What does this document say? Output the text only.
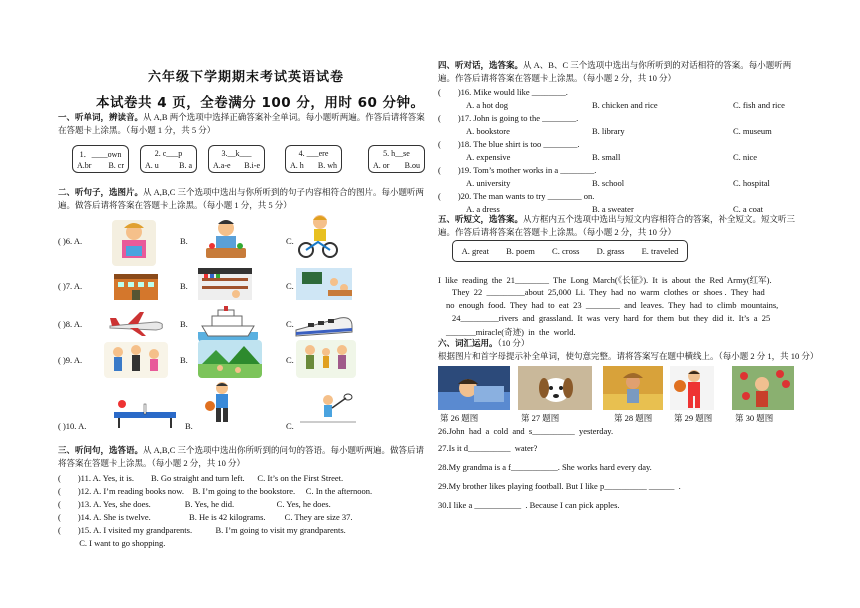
六年级下学期期末考试英语试卷
本试卷共 4 页，全卷满分 100 分，用时 60 分钟。
一、听单词，辨读音。从 A,B 两个选项中选择正确答案补全单词。每小题听两遍。作答后请将答案在答题卡上涂黑。（每小题 1 分，共 5 分）
1．____own
A.br B. cr
2. c___p
A. u	B. a
3.__k___
A.a-e B.i-e
4. ___ere
A. h B. wh
5. h__se
A. or B.ou
二、听句子，选图片。从 A,B,C 三个选项中选出与你所听到的句子内容相符合的图片。每小题听两遍。做答后请将答案在答题卡上涂黑。（每小题 1 分，共 5 分）
( )6. A.	B.	C.
( )7. A.	B.	C.
( )8. A.	B.	C.
( )9. A.	B.	C.
( )10. A.	B.	C.
三、听问句，选答语。从 A,B,C 三个选项中选出你所听到的问句的答语。每小题听两遍。做答后请将答案在答题卡上涂黑。（每小题 2 分，共 10 分）
(        )11. A. Yes, it is.        B. Go straight and turn left.      C. It’s on the First Street.
(        )12. A. I’m reading books now.    B. I’m going to the bookstore.     C. In the afternoon.
(        )13. A. Yes, she does.                B. Yes, he did.                    C. Yes, he does.
(        )14. A. She is twelve.                  B. He is 42 kilograms.         C. They are size 37.
(        )15. A. I visited my grandparents.           B. I’m going to visit my grandparents.
C. I want to go shopping.
四、听对话，选答案。从 A、B、C 三个选项中选出与你所听到的对话相符的答案。每小题听两遍。作答后请将答案在答题卡上涂黑。（每小题 2 分，共 10 分）
(        )16. Mike would like ________.
A. a hot dog	B. chicken and rice	C. fish and rice
(        )17. John is going to the ________.
A. bookstore	B. library	C. museum
(        )18. The blue shirt is too ________.
A. expensive	B. small	C. nice
(        )19. Tom’s mother works in a ________.
A. university	B. school	C. hospital
(        )20. The man wants to try ________ on.
A. a dress	B. a sweater	C. a coat
五、听短文，选答案。从方框内五个选项中选出与短文内容相符合的答案，补全短文。短文听三遍。作答后请将答案在答题卡上涂黑。（每小题 2 分，共 10 分）
A. great B. poem C. cross D. grass E. traveled
I  like  reading  the  21________  The  Long  March(《长征》).  It  is  about  the  Red  Army(红军).
They  22  _________about  25,000  Li.  They  had  no  warm  clothes  or  shoes .  They  had
no  enough  food.  They  had  to  eat  23  ________  and  leaves.  They  had  to  climb  mountains,
24_________rivers  and  grassland.  It  was  very  hard  for  them  but  they  did  it.  It’s  a  25
_______miracle(奇迹)  in  the  world.
六、词汇运用。（10 分）
根据图片和首字母提示补全单词，使句意完整。请将答案写在题中横线上。（每小题 2 分 1，共 10 分）
第 26 题图	第 27 题图	第 28 题图	第 29 题图	第 30 题图
26.John  had  a  cold  and  s__________  yesterday.
27.Is it d__________  water?
28.My grandma is a f___________. She works hard every day.
29.My brother likes playing football. But I like p__________ ______  .
30.I like a ___________  . Because I can pick apples.
